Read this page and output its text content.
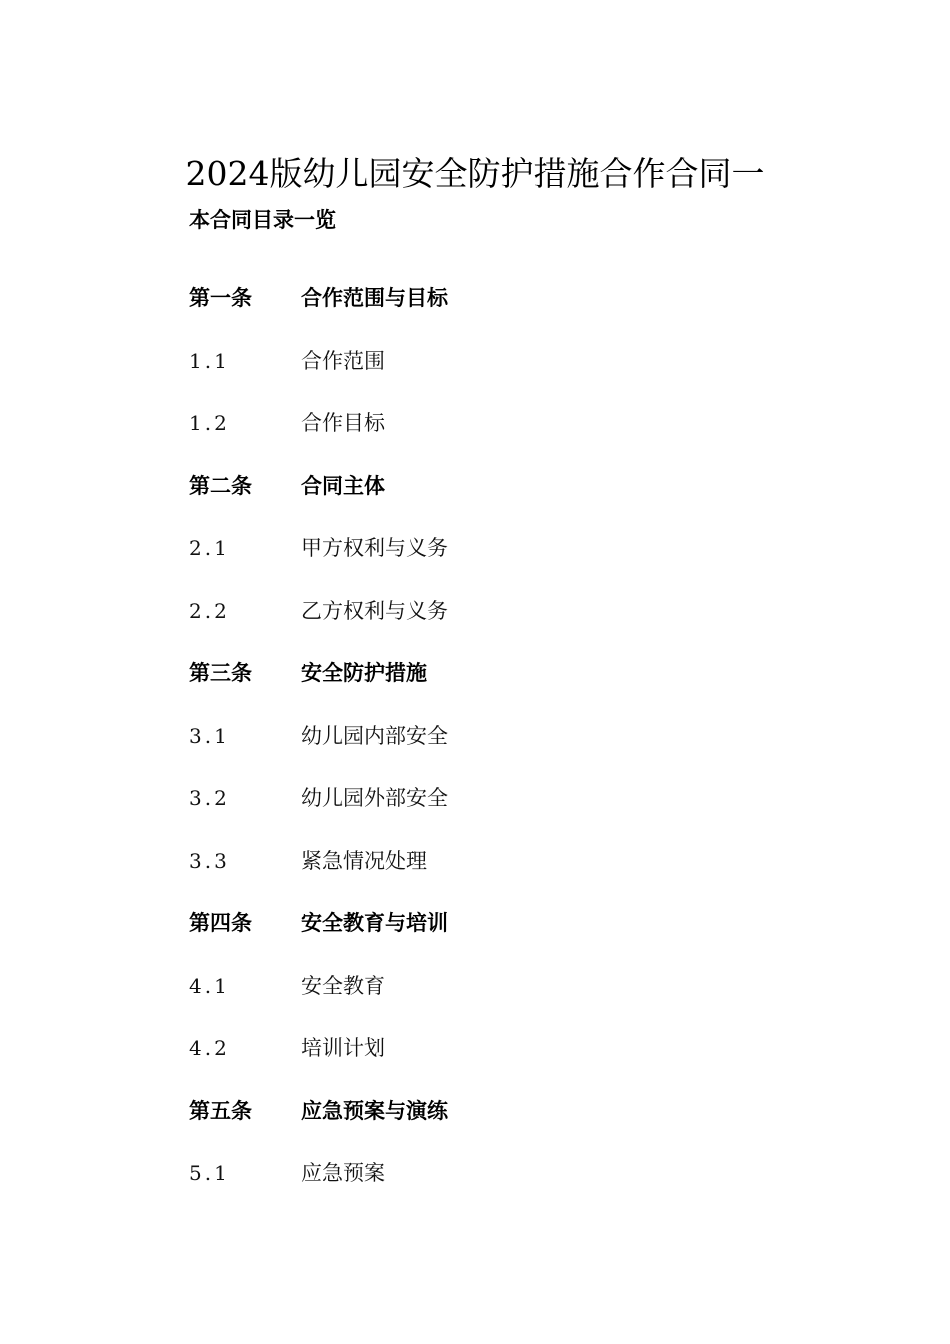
2024版幼儿园安全防护措施合作合同一
本合同目录一览
第一条	合作范围与目标
1.1	合作范围
1.2	合作目标
第二条	合同主体
2.1	甲方权利与义务
2.2	乙方权利与义务
第三条	安全防护措施
3.1	幼儿园内部安全
3.2	幼儿园外部安全
3.3	紧急情况处理
第四条	安全教育与培训
4.1	安全教育
4.2	培训计划
第五条	应急预案与演练
5.1	应急预案
